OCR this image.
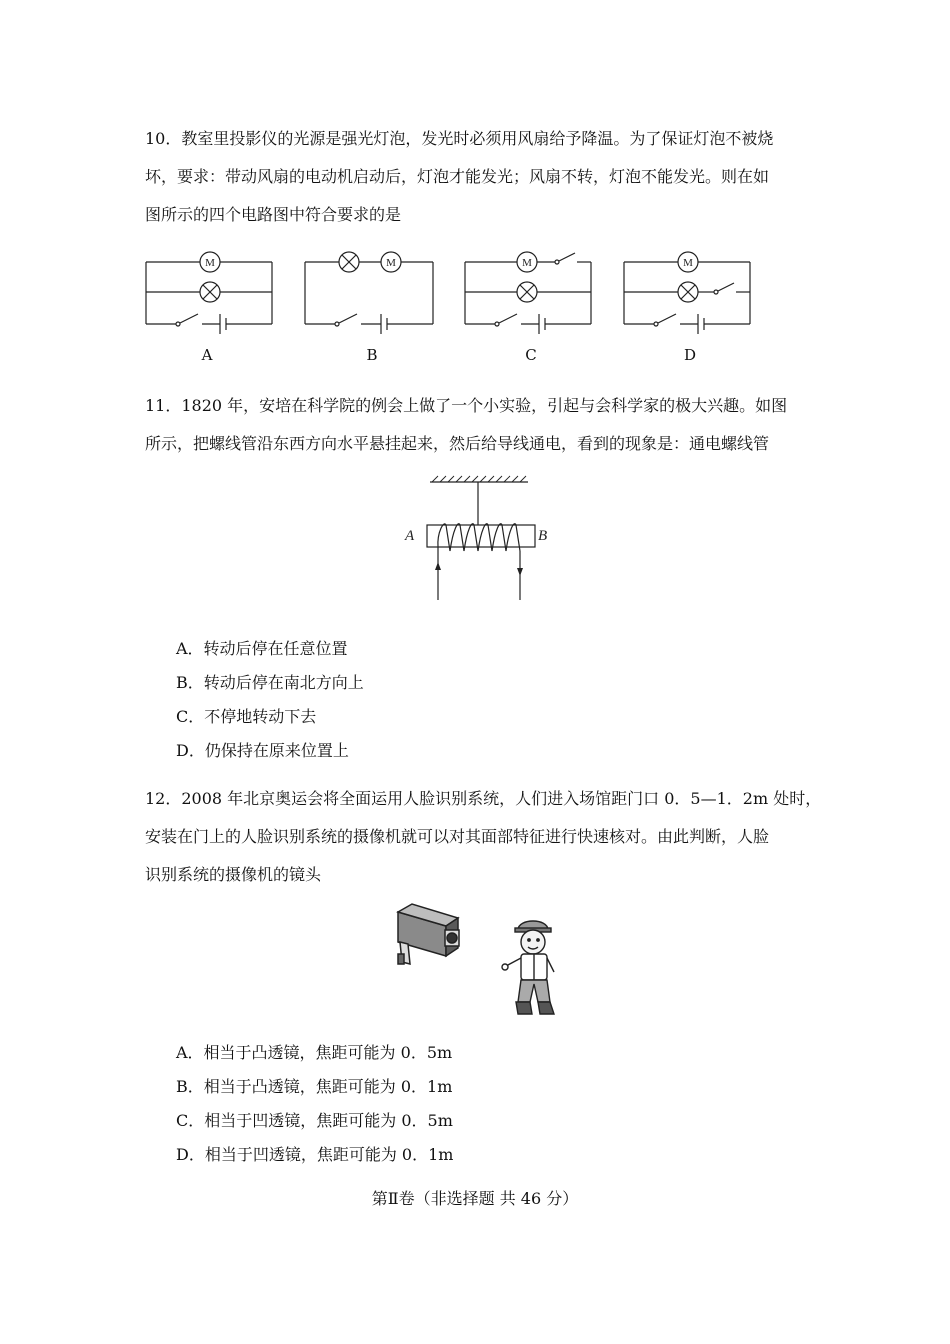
10．教室里投影仪的光源是强光灯泡，发光时必须用风扇给予降温。为了保证灯泡不被烧
坏，要求：带动风扇的电动机启动后，灯泡才能发光；风扇不转，灯泡不能发光。则在如
图所示的四个电路图中符合要求的是
M	M	M	M
A	B	C	D
11．1820 年，安培在科学院的例会上做了一个小实验，引起与会科学家的极大兴趣。如图
所示，把螺线管沿东西方向水平悬挂起来，然后给导线通电，看到的现象是：通电螺线管
A	B
A．转动后停在任意位置
B．转动后停在南北方向上
C．不停地转动下去
D．仍保持在原来位置上
12．2008 年北京奥运会将全面运用人脸识别系统，人们进入场馆距门口 0．5—1．2m 处时，
安装在门上的人脸识别系统的摄像机就可以对其面部特征进行快速核对。由此判断，人脸
识别系统的摄像机的镜头
A．相当于凸透镜，焦距可能为 0．5m
B．相当于凸透镜，焦距可能为 0．1m
C．相当于凹透镜，焦距可能为 0．5m
D．相当于凹透镜，焦距可能为 0．1m
第Ⅱ卷（非选择题 共 46 分）
